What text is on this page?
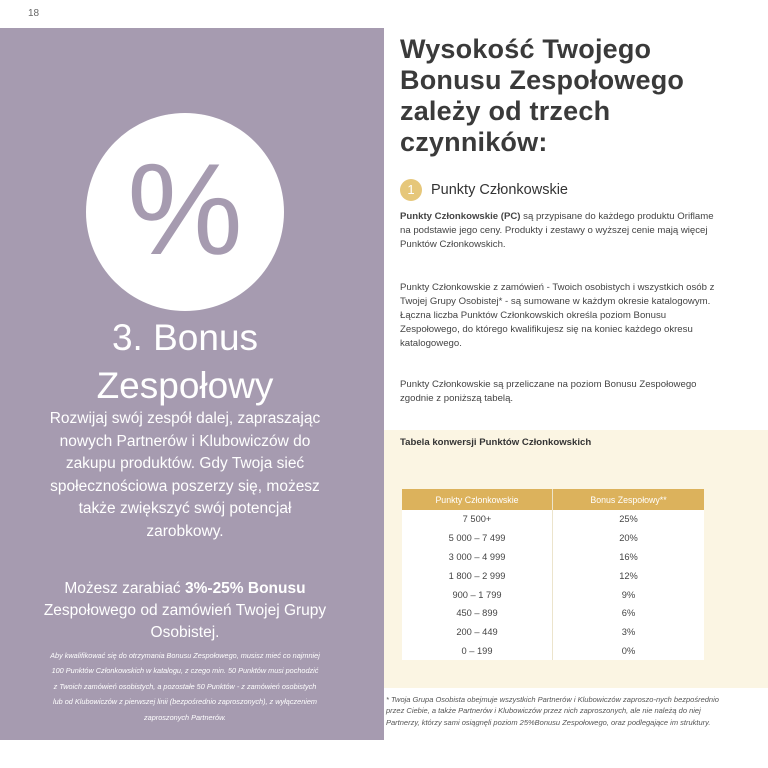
18
%
3. Bonus
Zespołowy
Rozwijaj swój zespół dalej, zapraszając nowych Partnerów i Klubowiczów do zakupu produktów. Gdy Twoja sieć społecznościowa poszerzy się, możesz także zwiększyć swój potencjał zarobkowy.
Możesz zarabiać 3%-25% Bonusu Zespołowego od zamówień Twojej Grupy Osobistej.
Aby kwalifikować się do otrzymania Bonusu Zespołowego, musisz mieć co najmniej 100 Punktów Członkowskich w katalogu, z czego min. 50 Punktów musi pochodzić z Twoich zamówień osobistych, a pozostałe 50 Punktów - z zamówień osobistych lub od Klubowiczów z pierwszej linii (bezpośrednio zaproszonych), z wyłączeniem zaproszonych Partnerów.
Wysokość Twojego Bonusu Zespołowego zależy od trzech czynników:
1	Punkty Członkowskie
Punkty Członkowskie (PC) są przypisane do każdego produktu Oriflame na podstawie jego ceny. Produkty i zestawy o wyższej cenie mają więcej Punktów Członkowskich.
Punkty Członkowskie z zamówień - Twoich osobistych i wszystkich osób z Twojej Grupy Osobistej* - są sumowane w każdym okresie katalogowym. Łączna liczba Punktów Członkowskich określa poziom Bonusu Zespołowego, do którego kwalifikujesz się na koniec każdego okresu katalogowego.
Punkty Członkowskie są przeliczane na poziom Bonusu Zespołowego zgodnie z poniższą tabelą.
Tabela konwersji Punktów Członkowskich
Punkty Członkowskie	Bonus Zespołowy**
7 500+	25%
5 000 – 7 499	20%
3 000 – 4 999	16%
1 800 – 2 999	12%
900 – 1 799	9%
450 – 899	6%
200 – 449	3%
0 – 199	0%
* Twoja Grupa Osobista obejmuje wszystkich Partnerów i Klubowiczów zaproszo-nych bezpośrednio przez Ciebie, a także Partnerów i Klubowiczów przez nich zaproszonych, ale nie należą do niej Partnerzy, którzy sami osiągnęli poziom 25%Bonusu Zespołowego, oraz podlegające im struktury.
